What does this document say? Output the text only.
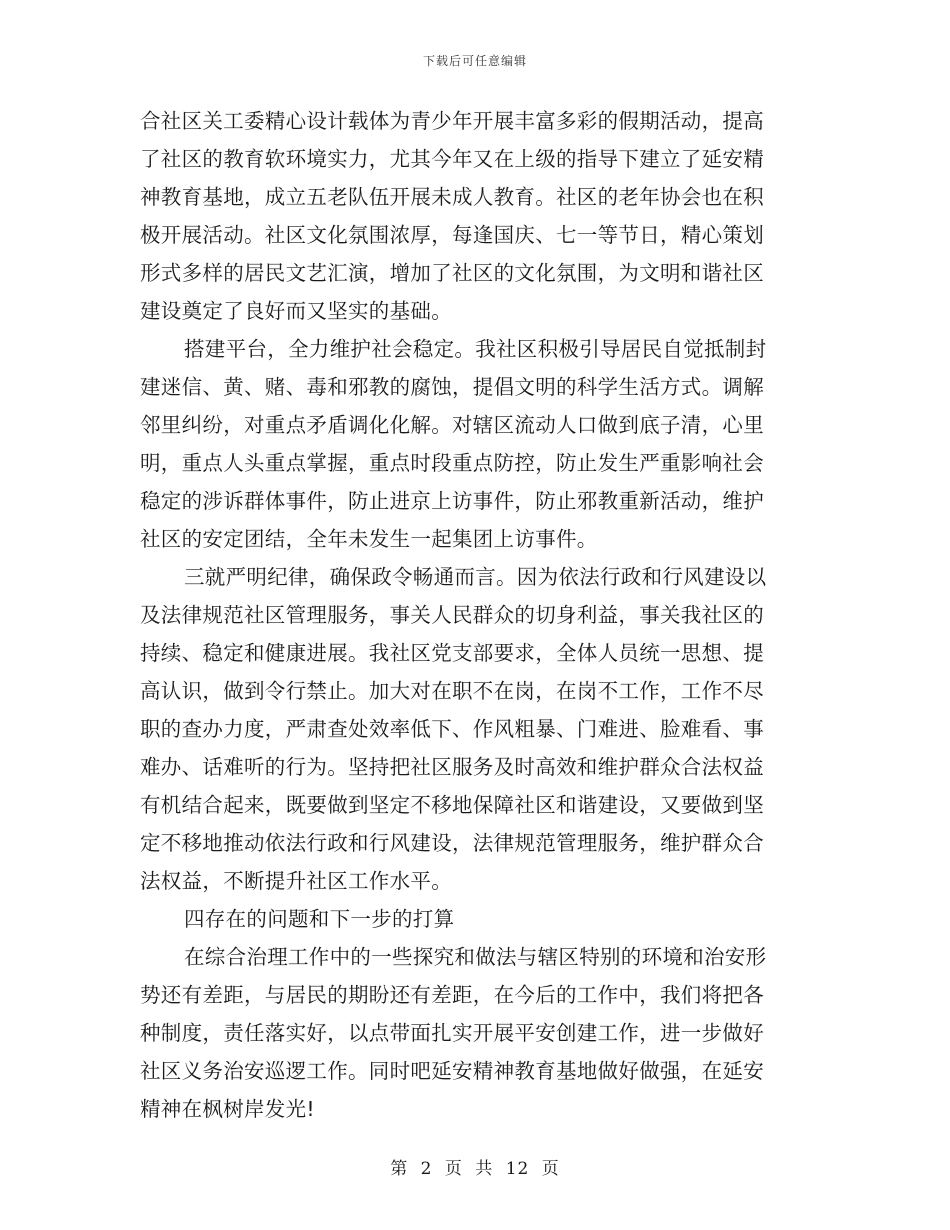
下载后可任意编辑
合社区关工委精心设计载体为青少年开展丰富多彩的假期活动，提高
了社区的教育软环境实力，尤其今年又在上级的指导下建立了延安精
神教育基地，成立五老队伍开展未成人教育。社区的老年协会也在积
极开展活动。社区文化氛围浓厚，每逢国庆、七一等节日，精心策划
形式多样的居民文艺汇演，增加了社区的文化氛围，为文明和谐社区
建设奠定了良好而又坚实的基础。
搭建平台，全力维护社会稳定。我社区积极引导居民自觉抵制封
建迷信、黄、赌、毒和邪教的腐蚀，提倡文明的科学生活方式。调解
邻里纠纷，对重点矛盾调化化解。对辖区流动人口做到底子清，心里
明，重点人头重点掌握，重点时段重点防控，防止发生严重影响社会
稳定的涉诉群体事件，防止进京上访事件，防止邪教重新活动，维护
社区的安定团结，全年未发生一起集团上访事件。
三就严明纪律，确保政令畅通而言。因为依法行政和行风建设以
及法律规范社区管理服务，事关人民群众的切身利益，事关我社区的
持续、稳定和健康进展。我社区党支部要求，全体人员统一思想、提
高认识，做到令行禁止。加大对在职不在岗，在岗不工作，工作不尽
职的查办力度，严肃查处效率低下、作风粗暴、门难进、脸难看、事
难办、话难听的行为。坚持把社区服务及时高效和维护群众合法权益
有机结合起来，既要做到坚定不移地保障社区和谐建设，又要做到坚
定不移地推动依法行政和行风建设，法律规范管理服务，维护群众合
法权益，不断提升社区工作水平。
四存在的问题和下一步的打算
在综合治理工作中的一些探究和做法与辖区特别的环境和治安形
势还有差距，与居民的期盼还有差距，在今后的工作中，我们将把各
种制度，责任落实好，以点带面扎实开展平安创建工作，进一步做好
社区义务治安巡逻工作。同时吧延安精神教育基地做好做强，在延安
精神在枫树岸发光!
第 2 页 共 12 页
